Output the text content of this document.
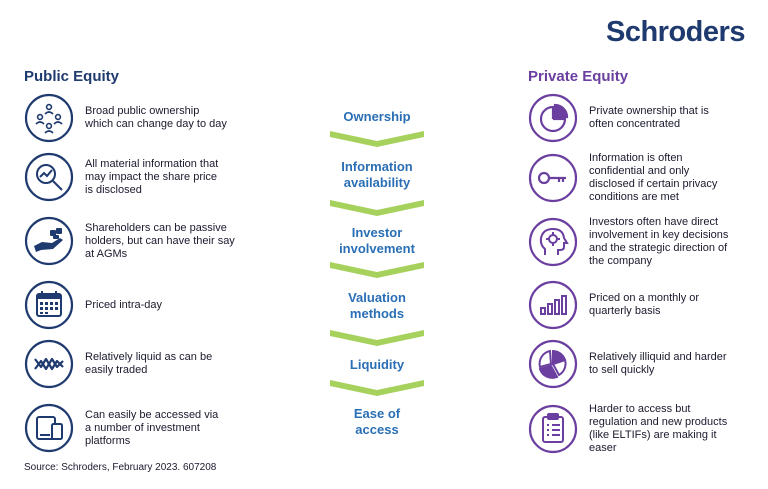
Schroders
Public Equity	Private Equity
Broad public ownership
which can change day to day
All material information that
may impact the share price
is disclosed
Shareholders can be passive
holders, but can have their say
at AGMs
Priced intra-day
Relatively liquid as can be
easily traded
Can easily be accessed via
a number of investment
platforms
Ownership
Information
availability
Investor
involvement
Valuation
methods
Liquidity
Ease of
access
Private ownership that is
often concentrated
Information is often
confidential and only
disclosed if certain privacy
conditions are met
Investors often have direct
involvement in key decisions
and the strategic direction of
the company
Priced on a monthly or
quarterly basis
Relatively illiquid and harder
to sell quickly
Harder to access but
regulation and new products
(like ELTIFs) are making it
easer
Source: Schroders, February 2023. 607208
